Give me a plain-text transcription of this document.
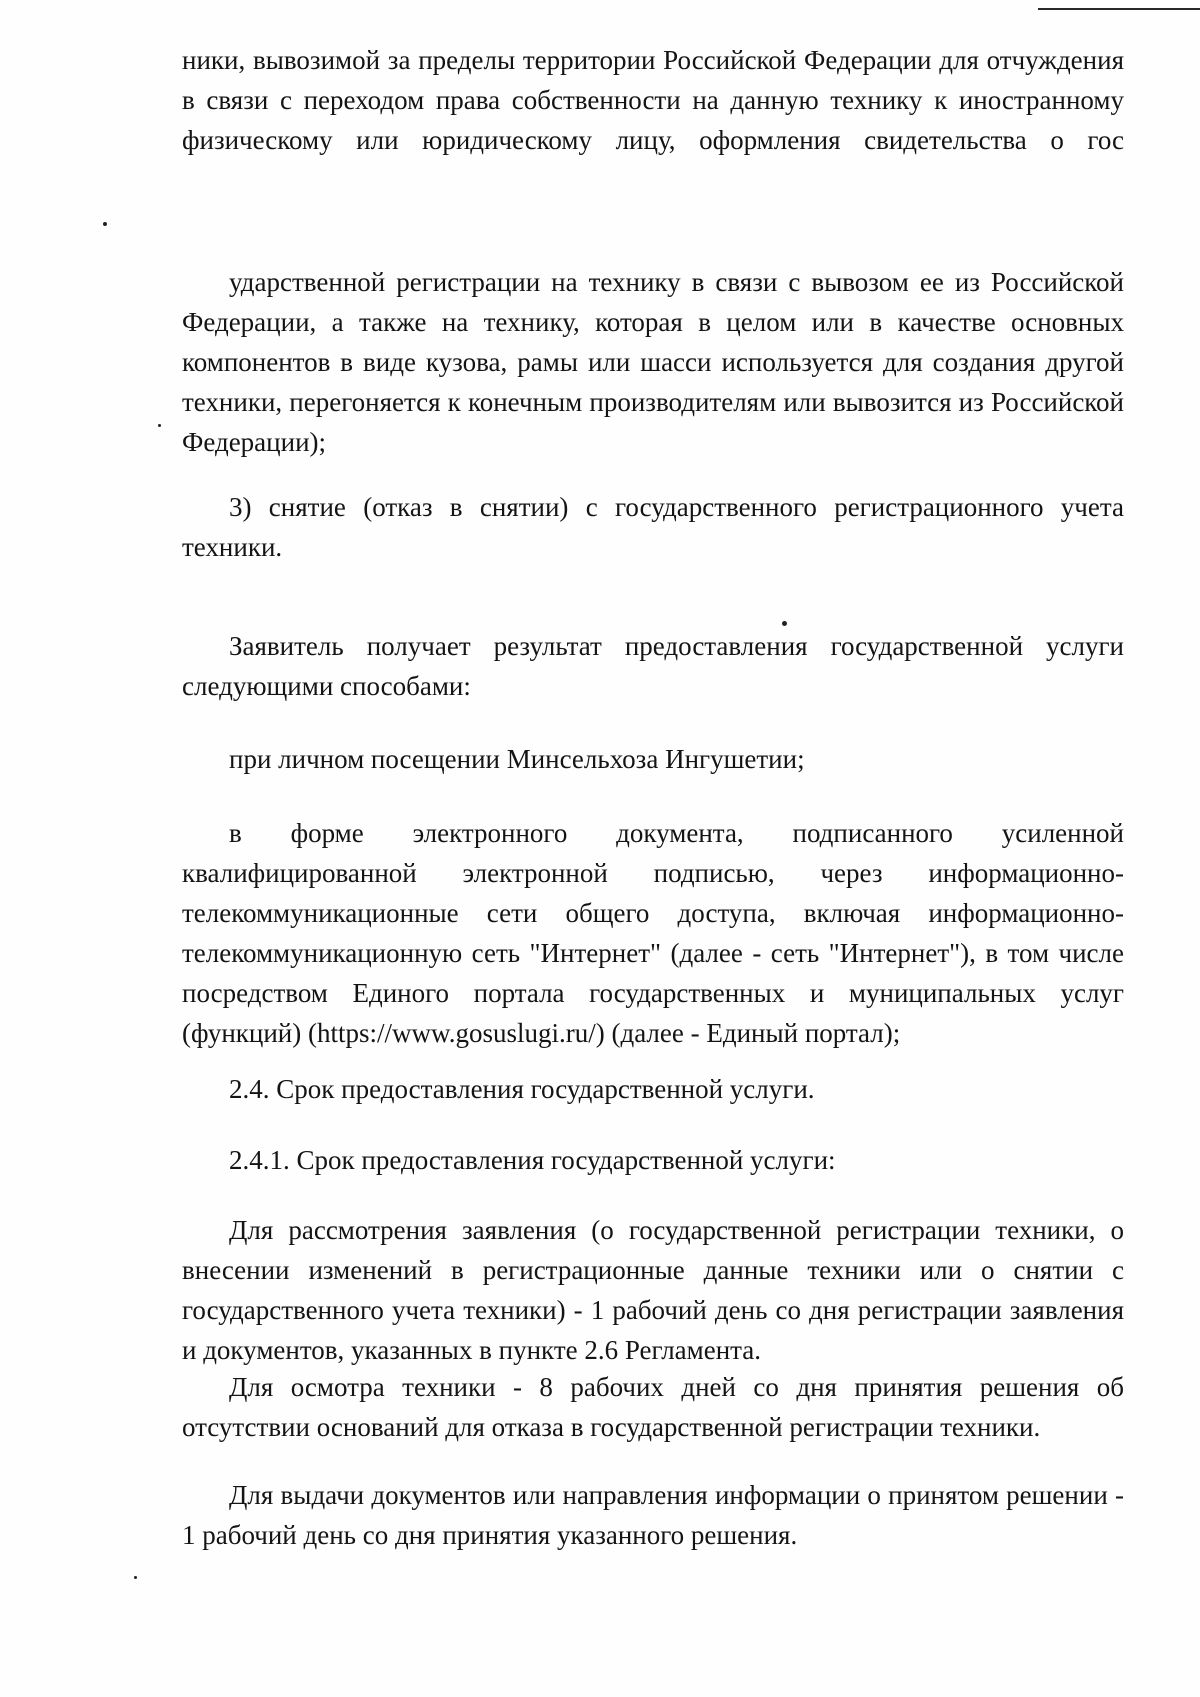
ники, вывозимой за пределы территории Российской Федерации для отчуждения в связи с переходом права собственности на данную технику к иностранному физическому или юридическому лицу, оформления свидетельства о гос

ударственной регистрации на технику в связи с вывозом ее из Российской Федерации, а также на технику, которая в целом или в качестве основных компонентов в виде кузова, рамы или шасси используется для создания другой техники, перегоняется к конечным производителям или вывозится из Российской Федерации);

3) снятие (отказ в снятии) с государственного регистрационного учета техники.

Заявитель получает результат предоставления государственной услуги следующими способами:

при личном посещении Минсельхоза Ингушетии;

в форме электронного документа, подписанного усиленной квалифицированной электронной подписью, через информационно-телекоммуникационные сети общего доступа, включая информационно-телекоммуникационную сеть "Интернет" (далее - сеть "Интернет"), в том числе посредством Единого портала государственных и муниципальных услуг (функций) (https://www.gosuslugi.ru/) (далее - Единый портал);

2.4. Срок предоставления государственной услуги.

2.4.1. Срок предоставления государственной услуги:

Для рассмотрения заявления (о государственной регистрации техники, о внесении изменений в регистрационные данные техники или о снятии с государственного учета техники) - 1 рабочий день со дня регистрации заявления и документов, указанных в пункте 2.6 Регламента.

Для осмотра техники - 8 рабочих дней со дня принятия решения об отсутствии оснований для отказа в государственной регистрации техники.

Для выдачи документов или направления информации о принятом решении - 1 рабочий день со дня принятия указанного решения.
